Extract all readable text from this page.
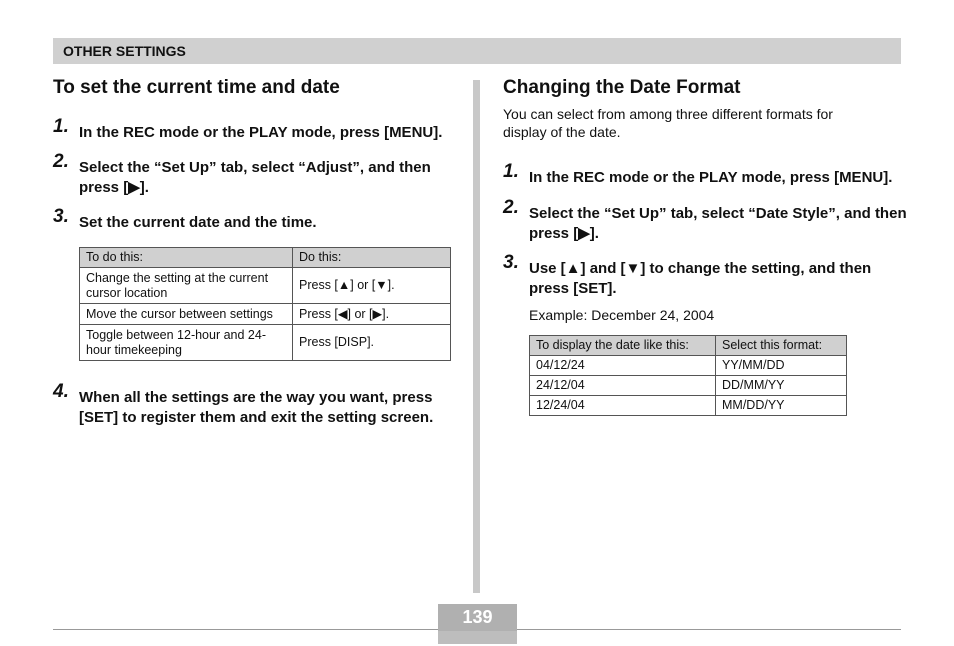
OTHER SETTINGS
To set the current time and date
1. In the REC mode or the PLAY mode, press [MENU].
2. Select the “Set Up” tab, select “Adjust”, and then press [▶].
3. Set the current date and the time.
To do this:	Do this:
Change the setting at the current cursor location	Press [▲] or [▼].
Move the cursor between settings	Press [◀] or [▶].
Toggle between 12-hour and 24-hour timekeeping	Press [DISP].
4. When all the settings are the way you want, press [SET] to register them and exit the setting screen.
Changing the Date Format

You can select from among three different formats for display of the date.

1. In the REC mode or the PLAY mode, press [MENU].
2. Select the “Set Up” tab, select “Date Style”, and then press [▶].
3. Use [▲] and [▼] to change the setting, and then press [SET].
Example: December 24, 2004
To display the date like this:	Select this format:
04/12/24	YY/MM/DD
24/12/04	DD/MM/YY
12/24/04	MM/DD/YY
139
